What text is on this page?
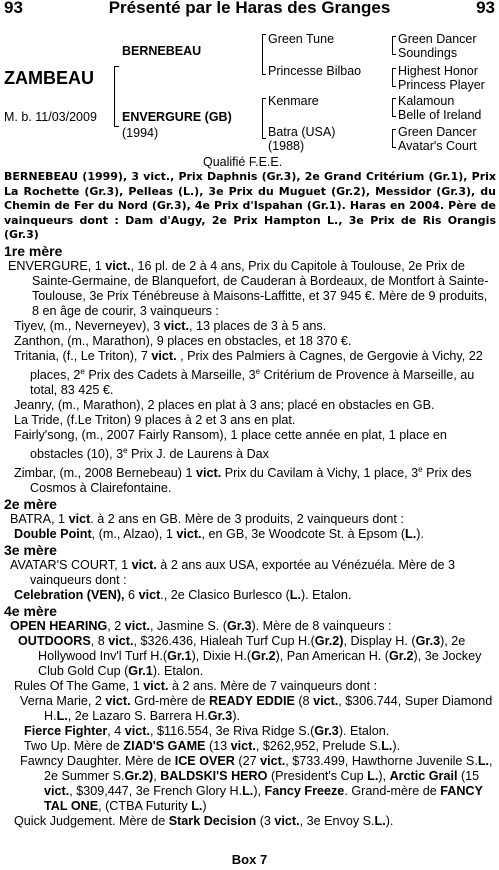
93	Présenté par le Haras des Granges	93
ZAMBEAU
M. b. 11/03/2009
BERNEBEAU
ENVERGURE (GB)
(1994)
Green Tune
Princesse Bilbao
Kenmare
Batra (USA)
(1988)
Green Dancer
Soundings
Highest Honor
Princess Player
Kalamoun
Belle of Ireland
Green Dancer
Avatar's Court
Qualifié F.E.E.
BERNEBEAU (1999), 3 vict., Prix Daphnis (Gr.3), 2e Grand Critérium (Gr.1), Prix La Rochette (Gr.3), Pelleas (L.), 3e Prix du Muguet (Gr.2), Messidor (Gr.3), du Chemin de Fer du Nord (Gr.3), 4e Prix d'Ispahan (Gr.1). Haras en 2004. Père de vainqueurs dont : Dam d'Augy, 2e Prix Hampton L., 3e Prix de Ris Orangis (Gr.3)
1re mère
ENVERGURE, 1 vict., 16 pl. de 2 à 4 ans, Prix du Capitole à Toulouse, 2e Prix de Sainte-Germaine, de Blanquefort, de Cauderan à Bordeaux, de Montfort à Sainte-Toulouse, 3e Prix Ténébreuse à Maisons-Laffitte, et 37 945 €. Mère de 9 produits, 8 en âge de courir, 3 vainqueurs :
Tiyev, (m., Neverneyev), 3 vict., 13 places de 3 à 5 ans.
Zanthon, (m., Marathon), 9 places en obstacles, et 18 370 €.
Tritania, (f., Le Triton), 7 vict. , Prix des Palmiers à Cagnes, de Gergovie à Vichy, 22 places, 2e Prix des Cadets à Marseille, 3e Critérium de Provence à Marseille, au total, 83 425 €.
Jeanry, (m., Marathon), 2 places en plat à 3 ans; placé en obstacles en GB.
La Tride, (f.Le Triton) 9 places à 2 et 3 ans en plat.
Fairly'song, (m., 2007 Fairly Ransom), 1 place cette année en plat, 1 place en obstacles (10), 3e Prix J. de Laurens à Dax
Zimbar, (m., 2008 Bernebeau) 1 vict. Prix du Cavilam à Vichy, 1 place, 3e Prix des Cosmos à Clairefontaine.
2e mère
BATRA, 1 vict. à 2 ans en GB. Mère de 3 produits, 2 vainqueurs dont :
Double Point, (m., Alzao), 1 vict., en GB, 3e Woodcote St. à Epsom (L.).
3e mère
AVATAR'S COURT, 1 vict. à 2 ans aux USA, exportée au Vénézuéla. Mère de 3 vainqueurs dont :
Celebration (VEN), 6 vict., 2e Clasico Burlesco (L.). Etalon.
4e mère
OPEN HEARING, 2 vict., Jasmine S. (Gr.3). Mère de 8 vainqueurs :
OUTDOORS, 8 vict., $326.436, Hialeah Turf Cup H.(Gr.2), Display H. (Gr.3), 2e Hollywood Inv'l Turf H.(Gr.1), Dixie H.(Gr.2), Pan American H. (Gr.2), 3e Jockey Club Gold Cup (Gr.1). Etalon.
Rules Of The Game, 1 vict. à 2 ans. Mère de 7 vainqueurs dont :
Verna Marie, 2 vict. Grd-mère de READY EDDIE (8 vict., $306.744, Super Diamond H.L., 2e Lazaro S. Barrera H.Gr.3).
Fierce Fighter, 4 vict., $116.554, 3e Riva Ridge S.(Gr.3). Etalon.
Two Up. Mère de ZIAD'S GAME (13 vict., $262,952, Prelude S.L.).
Fawncy Daughter. Mère de ICE OVER (27 vict., $733.499, Hawthorne Juvenile S.L., 2e Summer S.Gr.2), BALDSKI'S HERO (President's Cup L.), Arctic Grail (15 vict., $309,447, 3e French Glory H.L.), Fancy Freeze. Grand-mère de FANCY TAL ONE, (CTBA Futurity L.)
Quick Judgement. Mère de Stark Decision (3 vict., 3e Envoy S.L.).
Box 7
